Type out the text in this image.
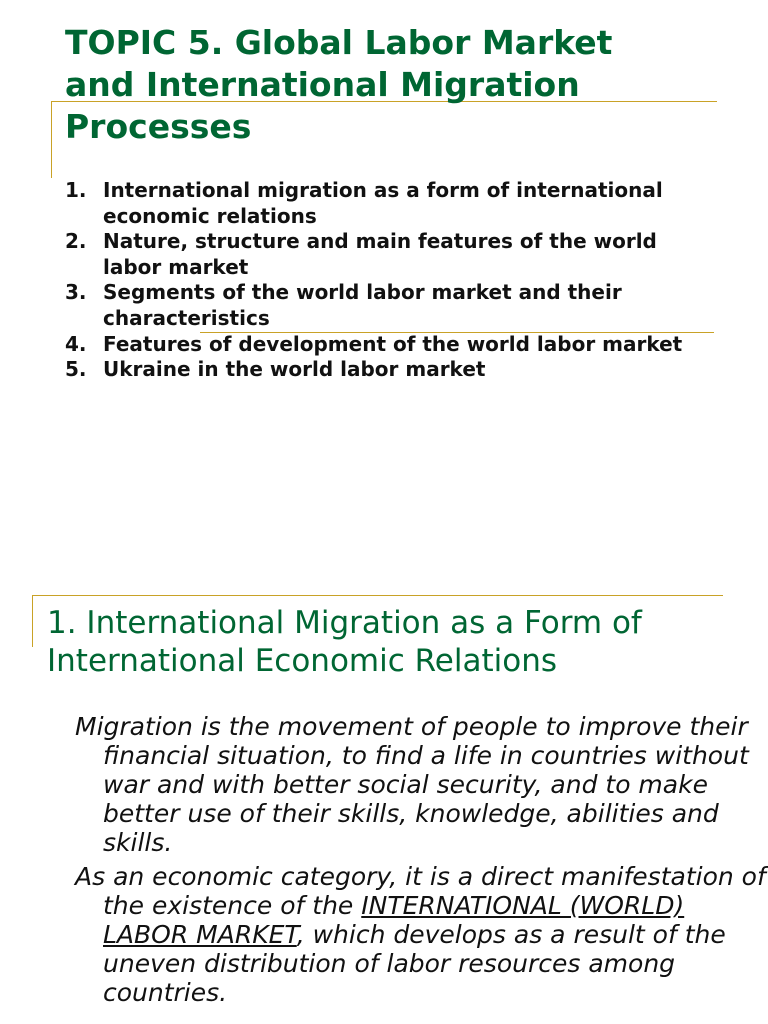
TOPIC 5. Global Labor Market
and International Migration
Processes
1. International migration as a form of international economic relations
2. Nature, structure and main features of the world labor market
3. Segments of the world labor market and their characteristics
4. Features of development of the world labor market
5. Ukraine in the world labor market
1. International Migration as a Form of
International Economic Relations

Migration is the movement of people to improve their financial situation, to find a life in countries without war and with better social security, and to make better use of their skills, knowledge, abilities and skills.

As an economic category, it is a direct manifestation of the existence of the INTERNATIONAL (WORLD) LABOR MARKET, which develops as a result of the uneven distribution of labor resources among countries.
